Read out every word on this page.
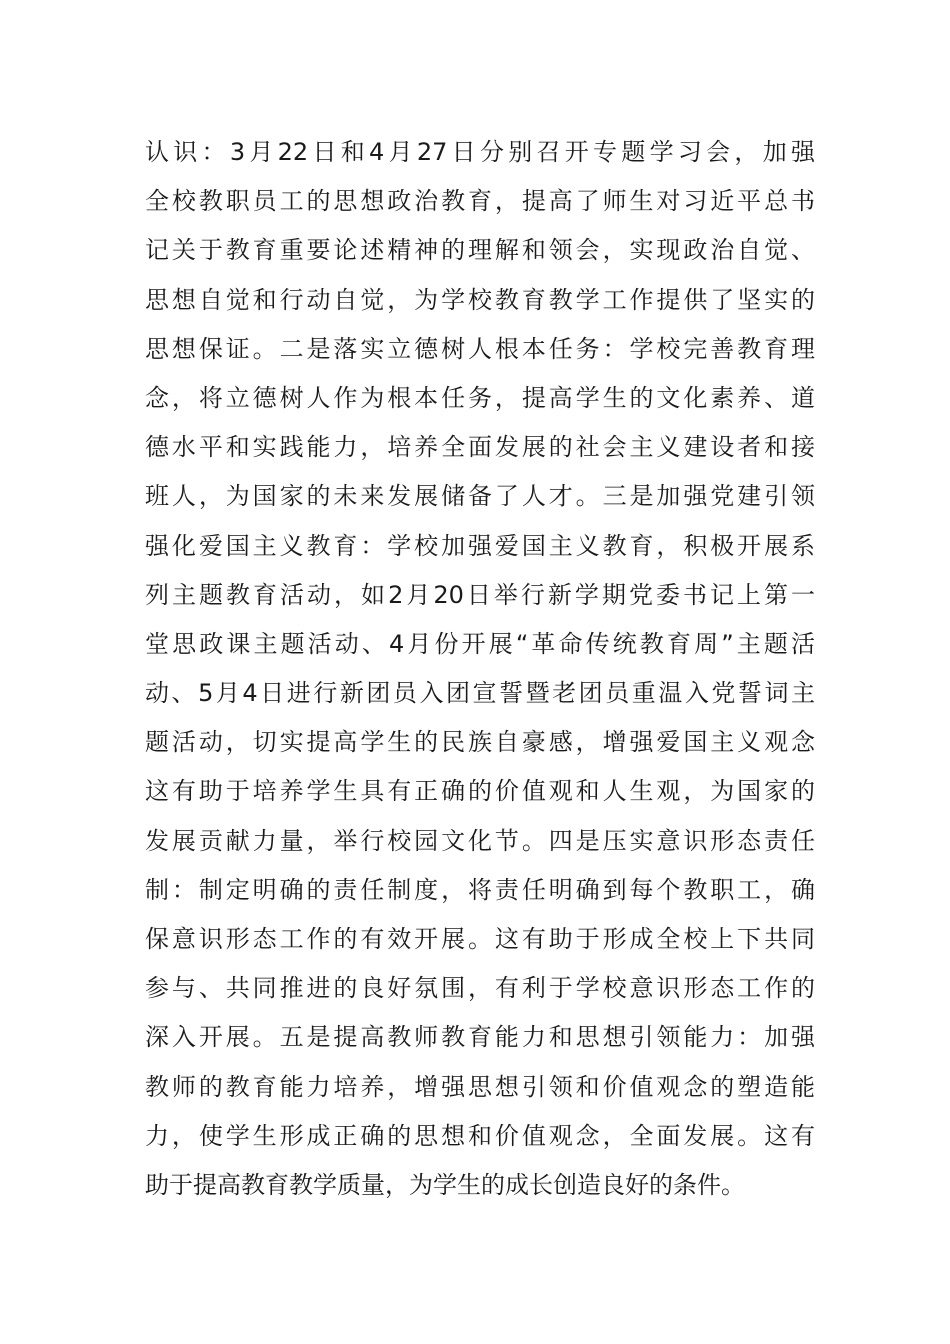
认识：3月22日和4月27日分别召开专题学习会，加强
全校教职员工的思想政治教育，提高了师生对习近平总书
记关于教育重要论述精神的理解和领会，实现政治自觉、
思想自觉和行动自觉，为学校教育教学工作提供了坚实的
思想保证。二是落实立德树人根本任务：学校完善教育理
念，将立德树人作为根本任务，提高学生的文化素养、道
德水平和实践能力，培养全面发展的社会主义建设者和接
班人，为国家的未来发展储备了人才。三是加强党建引领
强化爱国主义教育：学校加强爱国主义教育，积极开展系
列主题教育活动，如2月20日举行新学期党委书记上第一
堂思政课主题活动、4月份开展“革命传统教育周”主题活
动、5月4日进行新团员入团宣誓暨老团员重温入党誓词主
题活动，切实提高学生的民族自豪感，增强爱国主义观念
这有助于培养学生具有正确的价值观和人生观，为国家的
发展贡献力量，举行校园文化节。四是压实意识形态责任
制：制定明确的责任制度，将责任明确到每个教职工，确
保意识形态工作的有效开展。这有助于形成全校上下共同
参与、共同推进的良好氛围，有利于学校意识形态工作的
深入开展。五是提高教师教育能力和思想引领能力：加强
教师的教育能力培养，增强思想引领和价值观念的塑造能
力，使学生形成正确的思想和价值观念，全面发展。这有
助于提高教育教学质量，为学生的成长创造良好的条件。
